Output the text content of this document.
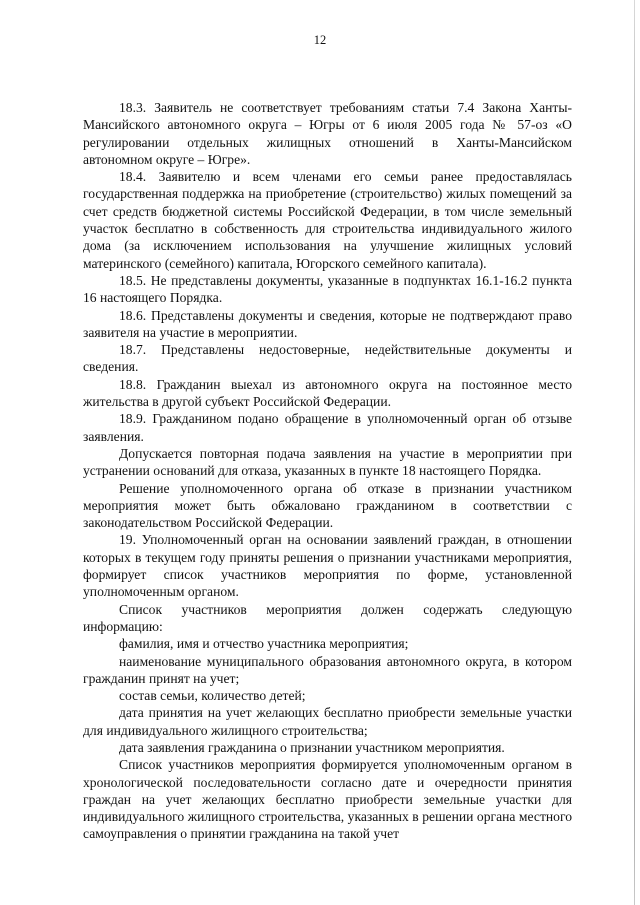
12

18.3. Заявитель не соответствует требованиям статьи 7.4 Закона Ханты-Мансийского автономного округа – Югры от 6 июля 2005 года № 57-оз «О регулировании отдельных жилищных отношений в Ханты-Мансийском автономном округе – Югре».

18.4. Заявителю и всем членами его семьи ранее предоставлялась государственная поддержка на приобретение (строительство) жилых помещений за счет средств бюджетной системы Российской Федерации, в том числе земельный участок бесплатно в собственность для строительства индивидуального жилого дома (за исключением использования на улучшение жилищных условий материнского (семейного) капитала, Югорского семейного капитала).

18.5. Не представлены документы, указанные в подпунктах 16.1-16.2 пункта 16 настоящего Порядка.

18.6. Представлены документы и сведения, которые не подтверждают право заявителя на участие в мероприятии.

18.7. Представлены недостоверные, недействительные документы и сведения.

18.8. Гражданин выехал из автономного округа на постоянное место жительства в другой субъект Российской Федерации.

18.9. Гражданином подано обращение в уполномоченный орган об отзыве заявления.

Допускается повторная подача заявления на участие в мероприятии при устранении оснований для отказа, указанных в пункте 18 настоящего Порядка.

Решение уполномоченного органа об отказе в признании участником мероприятия может быть обжаловано гражданином в соответствии с законодательством Российской Федерации.

19. Уполномоченный орган на основании заявлений граждан, в отношении которых в текущем году приняты решения о признании участниками мероприятия, формирует список участников мероприятия по форме, установленной уполномоченным органом.

Список участников мероприятия должен содержать следующую информацию:

фамилия, имя и отчество участника мероприятия;

наименование муниципального образования автономного округа, в котором гражданин принят на учет;

состав семьи, количество детей;

дата принятия на учет желающих бесплатно приобрести земельные участки для индивидуального жилищного строительства;

дата заявления гражданина о признании участником мероприятия.

Список участников мероприятия формируется уполномоченным органом в хронологической последовательности согласно дате и очередности принятия граждан на учет желающих бесплатно приобрести земельные участки для индивидуального жилищного строительства, указанных в решении органа местного самоуправления о принятии гражданина на такой учет
